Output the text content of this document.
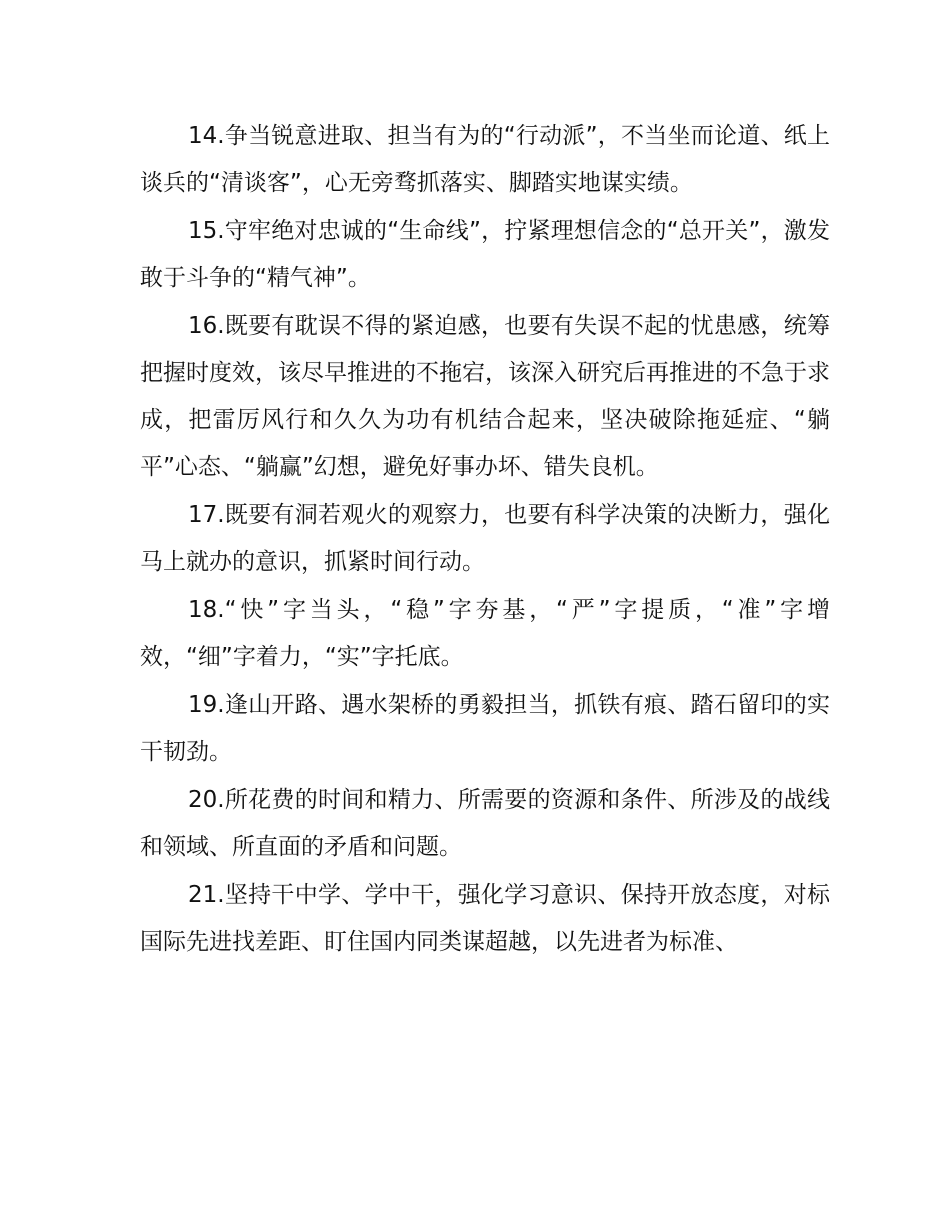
14.争当锐意进取、担当有为的“行动派”，不当坐而论道、纸上谈兵的“清谈客”，心无旁骛抓落实、脚踏实地谋实绩。

15.守牢绝对忠诚的“生命线”，拧紧理想信念的“总开关”，激发敢于斗争的“精气神”。

16.既要有耽误不得的紧迫感，也要有失误不起的忧患感，统筹把握时度效，该尽早推进的不拖宕，该深入研究后再推进的不急于求成，把雷厉风行和久久为功有机结合起来，坚决破除拖延症、“躺平”心态、“躺赢”幻想，避免好事办坏、错失良机。

17.既要有洞若观火的观察力，也要有科学决策的决断力，强化马上就办的意识，抓紧时间行动。

18.“快”字当头，“稳”字夯基，“严”字提质，“准”字增效，“细”字着力，“实”字托底。

19.逢山开路、遇水架桥的勇毅担当，抓铁有痕、踏石留印的实干韧劲。

20.所花费的时间和精力、所需要的资源和条件、所涉及的战线和领域、所直面的矛盾和问题。

21.坚持干中学、学中干，强化学习意识、保持开放态度，对标国际先进找差距、盯住国内同类谋超越，以先进者为标准、
